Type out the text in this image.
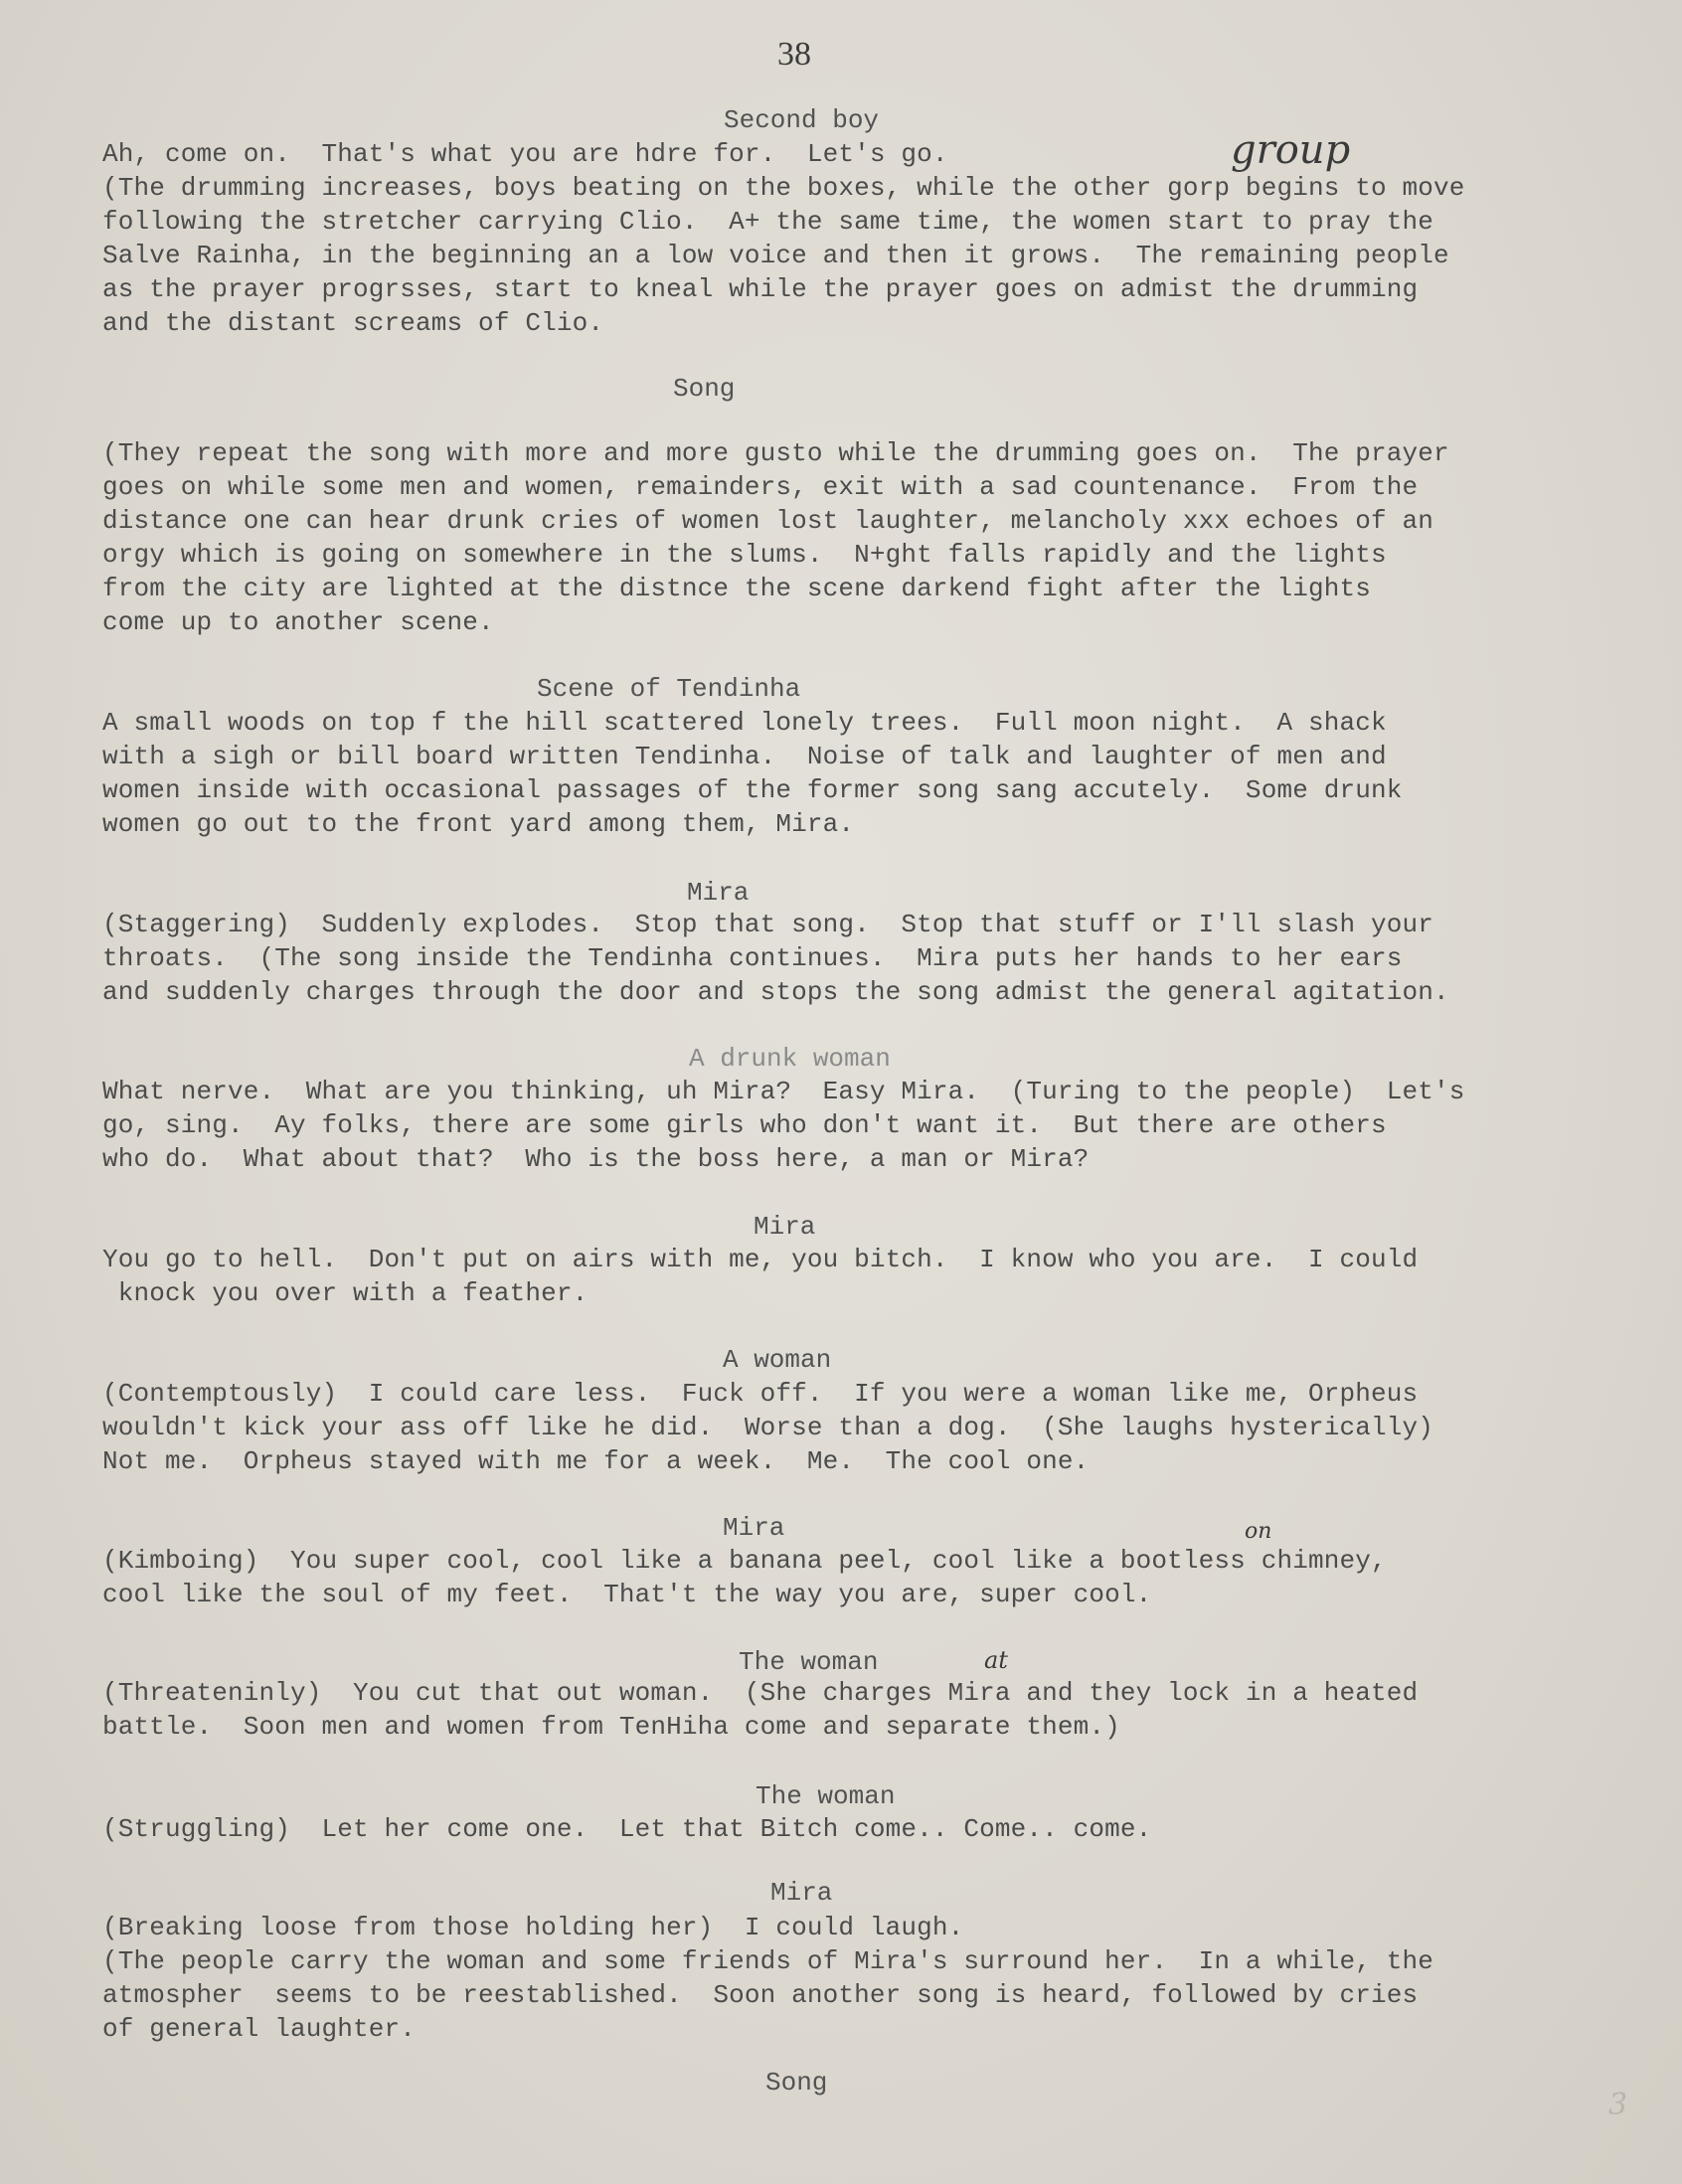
38
group
on
at
Second boy
Ah, come on.  That's what you are hdre for.  Let's go.
(The drumming increases, boys beating on the boxes, while the other gorp begins to move
following the stretcher carrying Clio.  A+ the same time, the women start to pray the
Salve Rainha, in the beginning an a low voice and then it grows.  The remaining people
as the prayer progrsses, start to kneal while the prayer goes on admist the drumming
and the distant screams of Clio.
Song
(They repeat the song with more and more gusto while the drumming goes on.  The prayer
goes on while some men and women, remainders, exit with a sad countenance.  From the
distance one can hear drunk cries of women lost laughter, melancholy xxx echoes of an
orgy which is going on somewhere in the slums.  N+ght falls rapidly and the lights
from the city are lighted at the distnce the scene darkend fight after the lights
come up to another scene.
Scene of Tendinha
A small woods on top f the hill scattered lonely trees.  Full moon night.  A shack
with a sigh or bill board written Tendinha.  Noise of talk and laughter of men and
women inside with occasional passages of the former song sang accutely.  Some drunk
women go out to the front yard among them, Mira.
Mira
(Staggering)  Suddenly explodes.  Stop that song.  Stop that stuff or I'll slash your
throats.  (The song inside the Tendinha continues.  Mira puts her hands to her ears
and suddenly charges through the door and stops the song admist the general agitation.
A drunk woman
What nerve.  What are you thinking, uh Mira?  Easy Mira.  (Turing to the people)  Let's
go, sing.  Ay folks, there are some girls who don't want it.  But there are others
who do.  What about that?  Who is the boss here, a man or Mira?
Mira
You go to hell.  Don't put on airs with me, you bitch.  I know who you are.  I could
knock you over with a feather.
A woman
(Contemptously)  I could care less.  Fuck off.  If you were a woman like me, Orpheus
wouldn't kick your ass off like he did.  Worse than a dog.  (She laughs hysterically)
Not me.  Orpheus stayed with me for a week.  Me.  The cool one.
Mira
(Kimboing)  You super cool, cool like a banana peel, cool like a bootless chimney,
cool like the soul of my feet.  That't the way you are, super cool.
The woman
(Threateninly)  You cut that out woman.  (She charges Mira and they lock in a heated
battle.  Soon men and women from TenHiha come and separate them.)
The woman
(Struggling)  Let her come one.  Let that Bitch come.. Come.. come.
Mira
(Breaking loose from those holding her)  I could laugh.
(The people carry the woman and some friends of Mira's surround her.  In a while, the
atmospher  seems to be reestablished.  Soon another song is heard, followed by cries
of general laughter.
Song
3
